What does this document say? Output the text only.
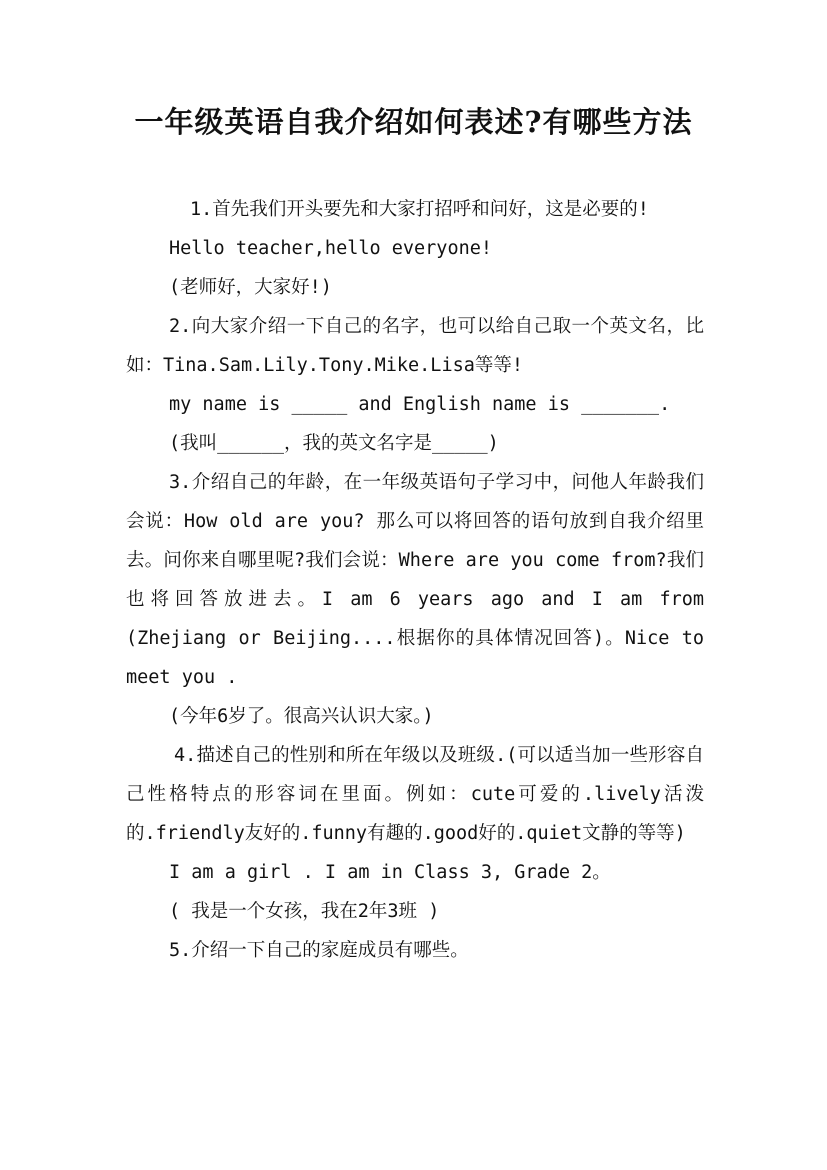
一年级英语自我介绍如何表述?有哪些方法

1.首先我们开头要先和大家打招呼和问好，这是必要的!

Hello teacher,hello everyone!

(老师好，大家好!)

2.向大家介绍一下自己的名字，也可以给自己取一个英文名，比如：Tina.Sam.Lily.Tony.Mike.Lisa等等!

my name is _____ and English name is _______.

(我叫______，我的英文名字是_____)

3.介绍自己的年龄，在一年级英语句子学习中，问他人年龄我们会说：How old are you? 那么可以将回答的语句放到自我介绍里去。问你来自哪里呢?我们会说：Where are you come from?我们也将回答放进去。I am 6 years ago and I am from (Zhejiang or Beijing....根据你的具体情况回答)。Nice to meet you .

(今年6岁了。很高兴认识大家。)

4.描述自己的性别和所在年级以及班级.(可以适当加一些形容自己性格特点的形容词在里面。例如：cute可爱的.lively活泼的.friendly友好的.funny有趣的.good好的.quiet文静的等等)

I am a girl . I am in Class 3, Grade 2。

( 我是一个女孩，我在2年3班 )

5.介绍一下自己的家庭成员有哪些。
